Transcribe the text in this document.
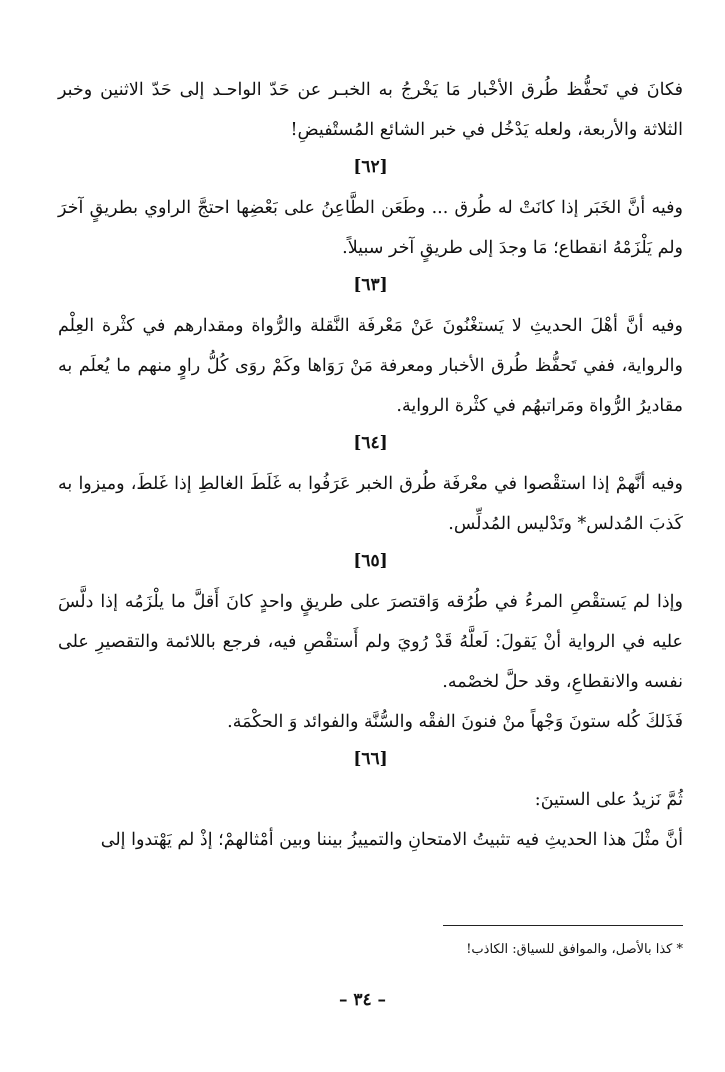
فكانَ في تَحفُّظ طُرق الأخْبار مَا يَخْرجُ به الخبـر عن حَدّ الواحـد إلى حَدّ الاثنين وخبر الثلاثة والأربعة، ولعله يَدْخُل في خبر الشائع المُستْفيضِ!

[٦٢]

وفيه أنَّ الخَبَر إذا كانَتْ له طُرق ... وطَعَن الطَّاعِنُ على بَعْضِها احتجَّ الراوي بطريقٍ آخرَ ولم يَلْزَمْهُ انقطاع؛ مَا وجدَ إلى طريقٍ آخر سبيلاً.

[٦٣]

وفيه أنَّ أهْلَ الحديثِ لا يَستغْنُونَ عَنْ مَعْرفَة النَّقلة والرُّواة ومقدارهم في كثْرة العِلْم والرواية، ففي تَحفُّظ طُرق الأخبار ومعرفة مَنْ رَوَاها وكَمْ روَى كُلُّ راوٍ منهم ما يُعلَم به مقاديرُ الرُّواة ومَراتبهُم في كثْرة الرواية.

[٦٤]

وفيه أنَّهمْ إذا استقْصوا في معْرفَة طُرق الخبر عَرَفُوا به غَلَطَ الغالطِ إذا غَلطَ، وميزوا به كَذبَ المُدلس* وتَدْليس المُدلِّس.

[٦٥]

وإذا لم يَستقْصِ المرءُ في طُرُقه وَاقتصرَ على طريقٍ واحدٍ كانَ أَقلَّ ما يلْزَمُه إذا دلَّسَ عليه في الرواية أنْ يَقولَ: لَعلَّهُ قَدْ رُويَ ولم أَستقْصِ فيه، فرجع باللائمة والتقصيرِ على نفسه والانقطاعِ، وقد حلَّ لخصْمه.

فَذَلكَ كُله ستونَ وَجْهاً منْ فنونَ الفقْه والسُّنَّة والفوائد وَ الحكْمَة.

[٦٦]

ثُمَّ نَزيدُ على الستينَ:

أنَّ مثْلَ هذا الحديثِ فيه تثبيتُ الامتحانِ والتمييزُ بيننا وبين أمْثالهمْ؛ إذْ لم يَهْتدوا إلى

* كذا بالأصل، والموافق للسياق: الكاذب!
– ٣٤ –
